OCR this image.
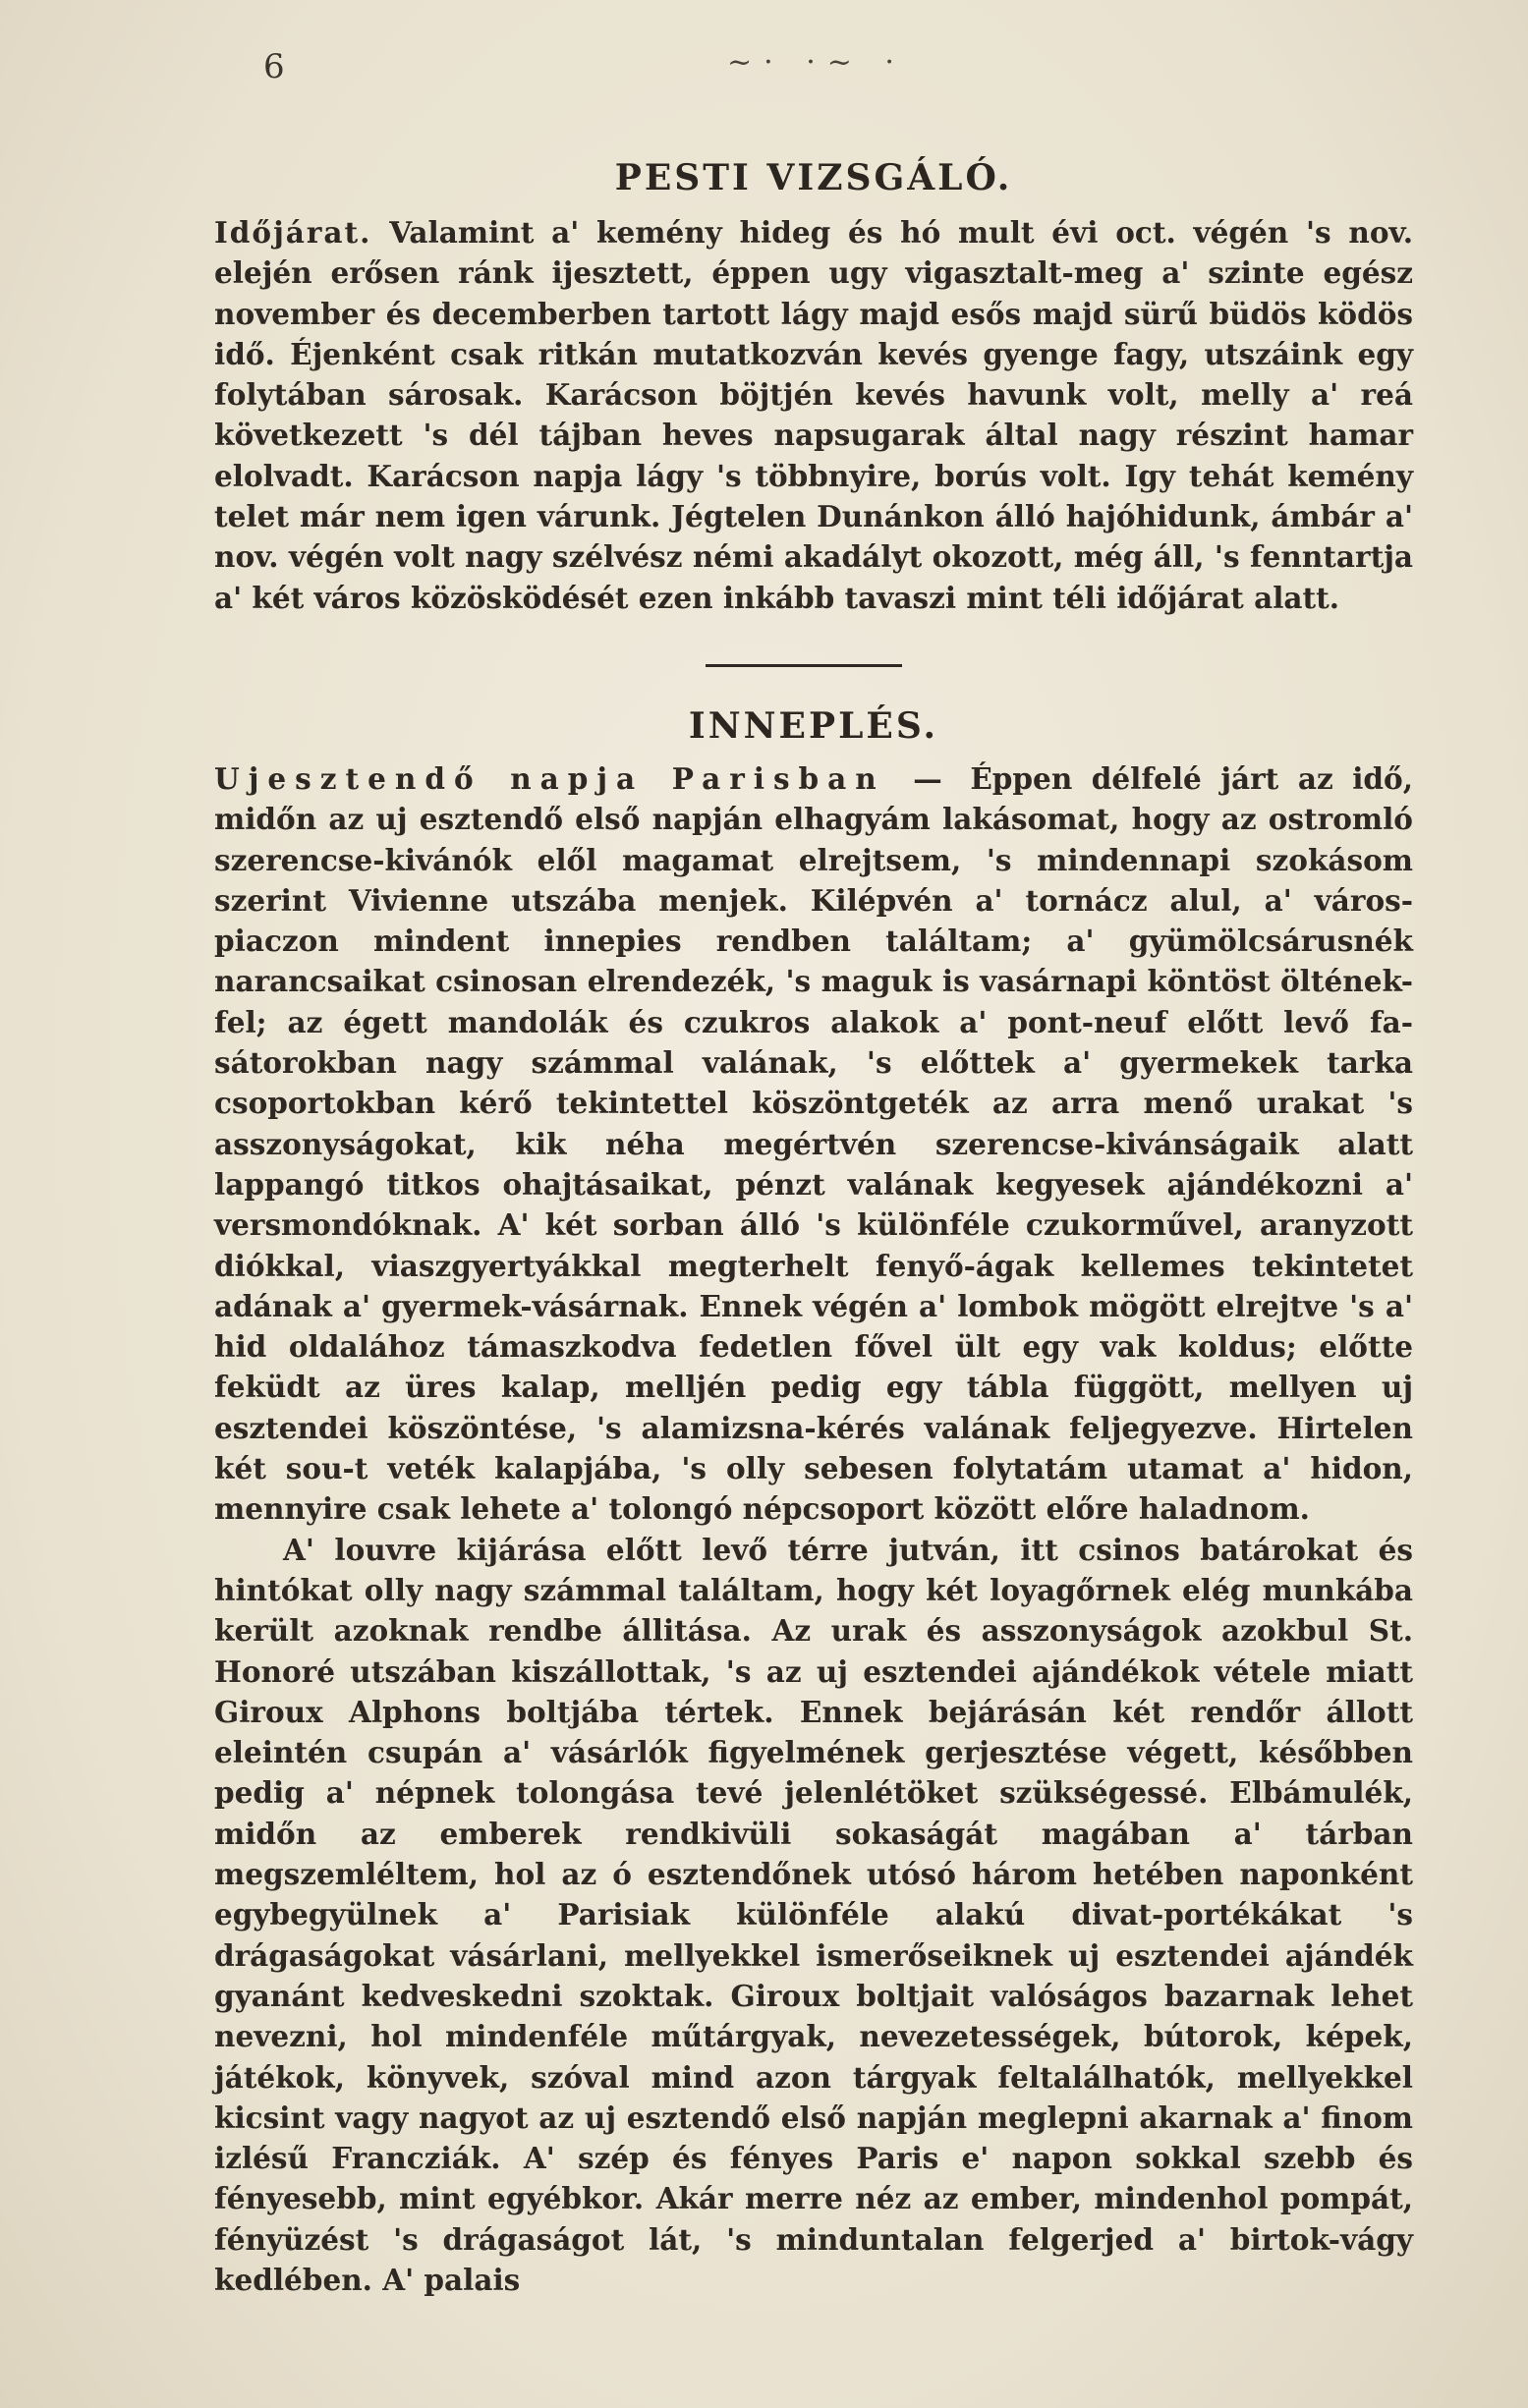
6	~· ·~ ·
PESTI VIZSGÁLÓ.

Időjárat. Valamint a' kemény hideg és hó mult évi oct. végén 's nov. elején erősen ránk ijesztett, éppen ugy vigasztalt-meg a' szinte egész november és decemberben tartott lágy majd esős majd sürű büdös ködös idő. Éjenként csak ritkán mutatkozván kevés gyenge fagy, utszáink egy folytában sárosak. Karácson böjtjén kevés havunk volt, melly a' reá következett 's dél tájban heves napsugarak által nagy részint hamar elolvadt. Karácson napja lágy 's többnyire, borús volt. Igy tehát kemény telet már nem igen várunk. Jégtelen Dunánkon álló hajóhidunk, ámbár a' nov. végén volt nagy szélvész némi akadályt okozott, még áll, 's fenntartja a' két város közösködését ezen inkább tavaszi mint téli időjárat alatt.

INNEPLÉS.

Ujesztendő napja Parisban — Éppen délfelé járt az idő, midőn az uj esztendő első napján elhagyám lakásomat, hogy az ostromló szerencse-kivánók elől magamat elrejtsem, 's mindennapi szokásom szerint Vivienne utszába menjek. Kilépvén a' tornácz alul, a' város-piaczon mindent innepies rendben találtam; a' gyümölcsárusnék narancsaikat csinosan elrendezék, 's maguk is vasárnapi köntöst öltének-fel; az égett mandolák és czukros alakok a' pont-neuf előtt levő fa-sátorokban nagy számmal valának, 's előttek a' gyermekek tarka csoportokban kérő tekintettel köszöntgeték az arra menő urakat 's asszonyságokat, kik néha megértvén szerencse-kivánságaik alatt lappangó titkos ohajtásaikat, pénzt valának kegyesek ajándékozni a' versmondóknak. A' két sorban álló 's különféle czukorművel, aranyzott diókkal, viaszgyertyákkal megterhelt fenyő-ágak kellemes tekintetet adának a' gyermek-vásárnak. Ennek végén a' lombok mögött elrejtve 's a' hid oldalához támaszkodva fedetlen fővel ült egy vak koldus; előtte feküdt az üres kalap, melljén pedig egy tábla függött, mellyen uj esztendei köszöntése, 's alamizsna-kérés valának feljegyezve. Hirtelen két sou-t veték kalapjába, 's olly sebesen folytatám utamat a' hidon, mennyire csak lehete a' tolongó népcsoport között előre haladnom.

A' louvre kijárása előtt levő térre jutván, itt csinos batárokat és hintókat olly nagy számmal találtam, hogy két loyagőrnek elég munkába került azoknak rendbe állitása. Az urak és asszonyságok azokbul St. Honoré utszában kiszállottak, 's az uj esztendei ajándékok vétele miatt Giroux Alphons boltjába tértek. Ennek bejárásán két rendőr állott eleintén csupán a' vásárlók figyelmének gerjesztése végett, későbben pedig a' népnek tolongása tevé jelenlétöket szükségessé. Elbámulék, midőn az emberek rendkivüli sokaságát magában a' tárban megszemléltem, hol az ó esztendőnek utósó három hetében naponként egybegyülnek a' Parisiak különféle alakú divat-portékákat 's drágaságokat vásárlani, mellyekkel ismerőseiknek uj esztendei ajándék gyanánt kedveskedni szoktak. Giroux boltjait valóságos bazarnak lehet nevezni, hol mindenféle műtárgyak, nevezetességek, bútorok, képek, játékok, könyvek, szóval mind azon tárgyak feltalálhatók, mellyekkel kicsint vagy nagyot az uj esztendő első napján meglepni akarnak a' finom izlésű Francziák. A' szép és fényes Paris e' napon sokkal szebb és fényesebb, mint egyébkor. Akár merre néz az ember, mindenhol pompát, fényüzést 's drágaságot lát, 's minduntalan felgerjed a' birtok-vágy kedlében. A' palais
